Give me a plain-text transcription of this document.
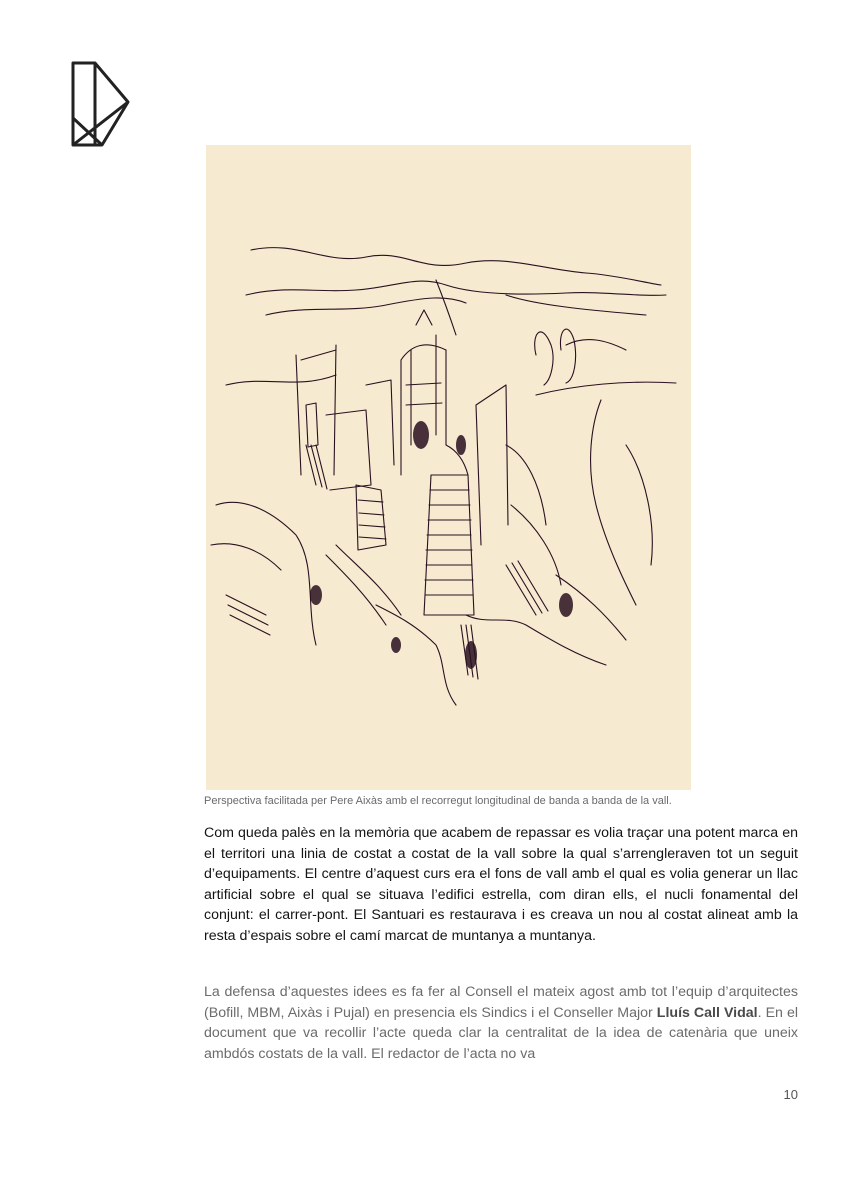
Perspectiva facilitada per Pere Aixàs amb el recorregut longitudinal de banda a banda de la vall.

Com queda palès en la memòria que acabem de repassar es volia traçar una potent marca en el territori una linia de costat a costat de la vall sobre la qual s’arrengleraven tot un seguit d’equipaments. El centre d’aquest curs era el fons de vall amb el qual es volia generar un llac artificial sobre el qual se situava l’edifici estrella, com diran ells, el nucli fonamental del conjunt: el carrer-pont. El Santuari es restaurava i es creava un nou al costat alineat amb la resta d’espais sobre el camí marcat de muntanya a muntanya.

La defensa d’aquestes idees es fa fer al Consell el mateix agost amb tot l’equip d’arquitectes (Bofill, MBM, Aixàs i Pujal) en presencia els Sindics i el Conseller Major Lluís Call Vidal. En el document que va recollir l’acte queda clar la centralitat de la idea de catenària que uneix ambdós costats de la vall. El redactor de l’acta no va

10
